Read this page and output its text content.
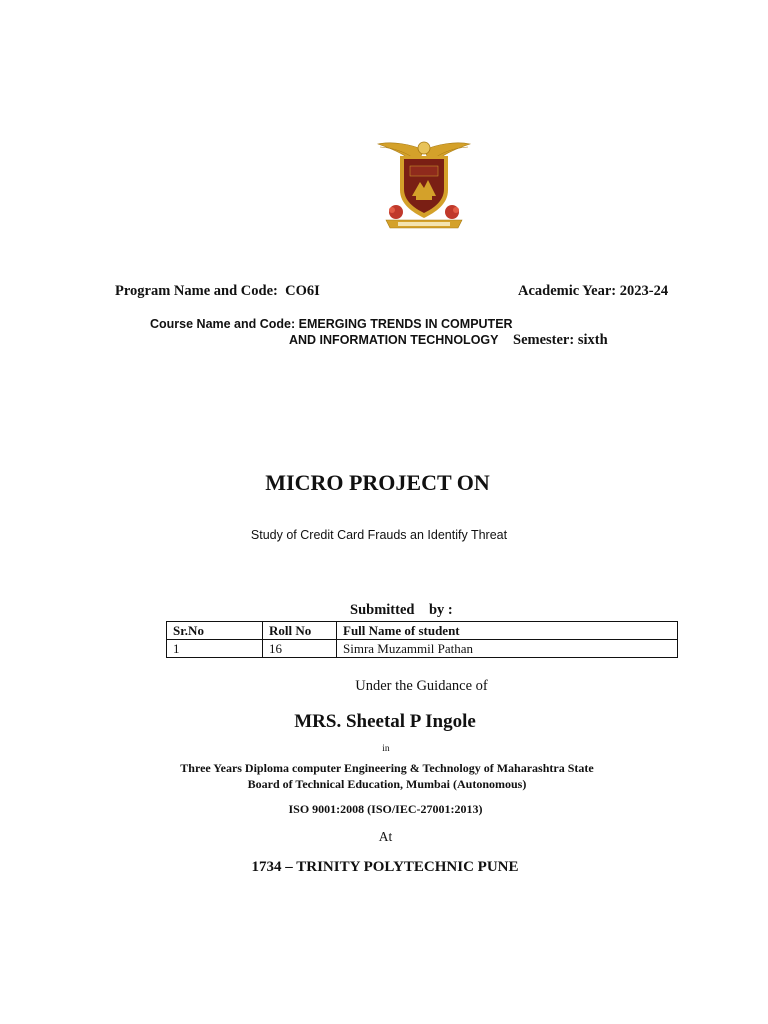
Program Name and Code: CO6I	Academic Year: 2023-24
Course Name and Code: EMERGING TRENDS IN COMPUTER
AND INFORMATION TECHNOLOGY Semester: sixth
MICRO PROJECT ON
Study of Credit Card Frauds an Identify Threat
Submitted    by :
Sr.No	Roll No	Full Name of student
1	16	Simra Muzammil Pathan
Under the Guidance of
MRS. Sheetal P Ingole
in
Three Years Diploma computer Engineering & Technology of Maharashtra State
Board of Technical Education, Mumbai (Autonomous)
ISO 9001:2008 (ISO/IEC-27001:2013)
At
1734 – TRINITY POLYTECHNIC PUNE
